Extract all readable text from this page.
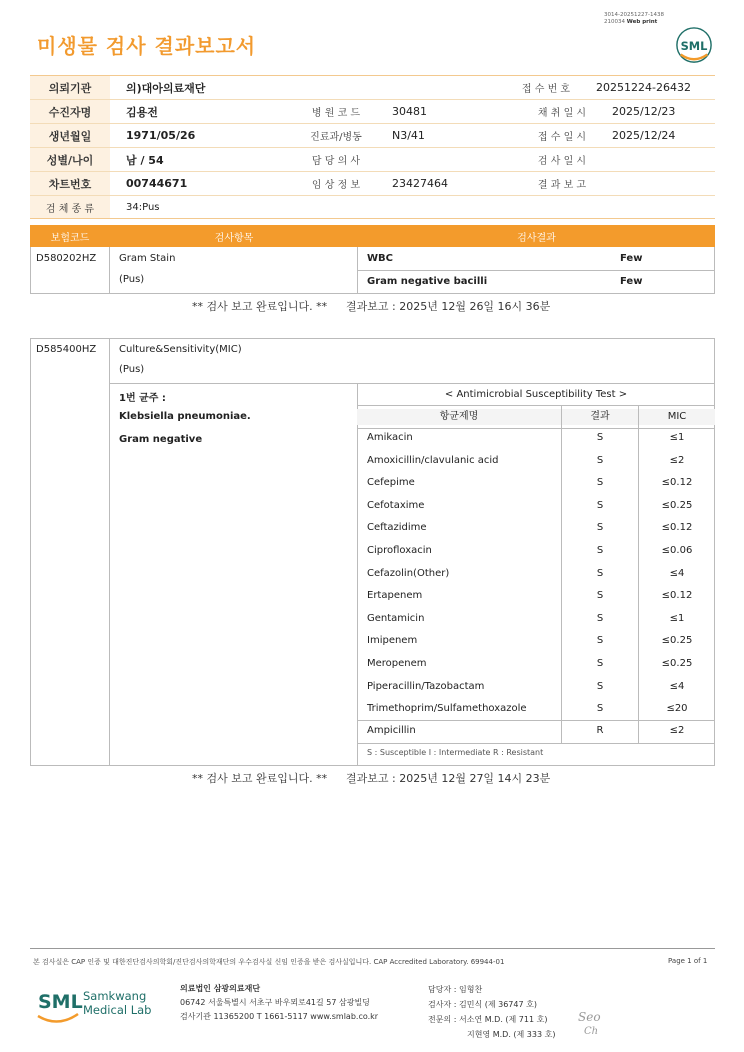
미생물 검사 결과보고서
3014-20251227-1438
210034 Web print
SML
의뢰기관	의)대아의료재단	접 수 번 호	20251224-26432
수진자명	김용전	병 원 코 드	30481	채 취 일 시	2025/12/23
생년월일	1971/05/26	진료과/병동	N3/41	접 수 일 시	2025/12/24
성별/나이	남 / 54	담 당 의 사	검 사 일 시
차트번호	00744671	임 상 정 보	23427464	결 과 보 고
검 체 종 류	34:Pus
보험코드	검사항목	검사결과
D580202HZ Gram Stain
(Pus)
WBC	Few
Gram negative bacilli	Few
** 검사 보고 완료입니다. ** 결과보고 : 2025년 12월 26일 16시 36분
D585400HZ Culture&Sensitivity(MIC)
(Pus)
1번 균주 :
Klebsiella pneumoniae.
Gram negative
< Antimicrobial Susceptibility Test >
항균제명	결과	MIC
Amikacin	S	≤1
Amoxicillin/clavulanic acid	S	≤2
Cefepime	S	≤0.12
Cefotaxime	S	≤0.25
Ceftazidime	S	≤0.12
Ciprofloxacin	S	≤0.06
Cefazolin(Other)	S	≤4
Ertapenem	S	≤0.12
Gentamicin	S	≤1
Imipenem	S	≤0.25
Meropenem	S	≤0.25
Piperacillin/Tazobactam	S	≤4
Trimethoprim/Sulfamethoxazole	S	≤20
Ampicillin	R	≤2
S : Susceptible I : Intermediate R : Resistant
** 검사 보고 완료입니다. ** 결과보고 : 2025년 12월 27일 14시 23분
본 검사실은 CAP 인증 및 대한진단검사의학회/진단검사의학재단의 우수검사실 신임 인증을 받은 검사실입니다. CAP Accredited Laboratory. 69944-01	Page 1 of 1
SML Samkwang
Medical Lab
의료법인 삼광의료재단
06742 서울특별시 서초구 바우뫼로41길 57 삼광빌딩
검사기관 11365200 T 1661-5117 www.smlab.co.kr
담당자 : 임형찬
검사자 : 김민식 (제 36747 호)
전문의 : 서소연 M.D. (제 711 호)
지현영 M.D. (제 333 호)
Seo
Ch
